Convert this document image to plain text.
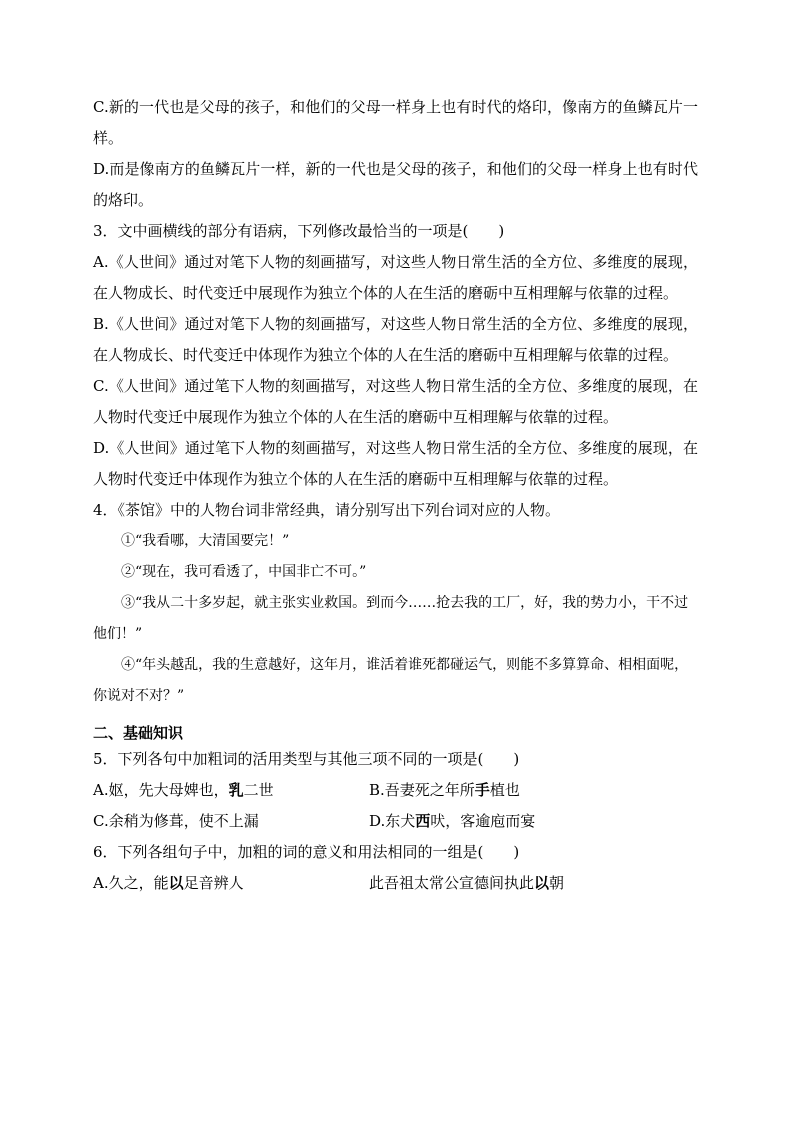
C.新的一代也是父母的孩子，和他们的父母一样身上也有时代的烙印，像南方的鱼鳞瓦片一样。

D.而是像南方的鱼鳞瓦片一样，新的一代也是父母的孩子，和他们的父母一样身上也有时代的烙印。

3．文中画横线的部分有语病，下列修改最恰当的一项是(　　)

A.《人世间》通过对笔下人物的刻画描写，对这些人物日常生活的全方位、多维度的展现，在人物成长、时代变迁中展现作为独立个体的人在生活的磨砺中互相理解与依靠的过程。

B.《人世间》通过对笔下人物的刻画描写，对这些人物日常生活的全方位、多维度的展现，在人物成长、时代变迁中体现作为独立个体的人在生活的磨砺中互相理解与依靠的过程。

C.《人世间》通过笔下人物的刻画描写，对这些人物日常生活的全方位、多维度的展现，在人物时代变迁中展现作为独立个体的人在生活的磨砺中互相理解与依靠的过程。

D.《人世间》通过笔下人物的刻画描写，对这些人物日常生活的全方位、多维度的展现，在人物时代变迁中体现作为独立个体的人在生活的磨砺中互相理解与依靠的过程。

4．《茶馆》中的人物台词非常经典，请分别写出下列台词对应的人物。

①“我看哪，大清国要完！”

②“现在，我可看透了，中国非亡不可。”

③“我从二十多岁起，就主张实业救国。到而今……抢去我的工厂，好，我的势力小，干不过他们！”

④“年头越乱，我的生意越好，这年月，谁活着谁死都碰运气，则能不多算算命、相相面呢，你说对不对？”

二、基础知识

5．下列各句中加粗词的活用类型与其他三项不同的一项是(　　)

A.妪，先大母婢也，乳二世	B.吾妻死之年所手植也
C.余稍为修葺，使不上漏	D.东犬西吠，客逾庖而宴

6．下列各组句子中，加粗的词的意义和用法相同的一组是(　　)

A.久之，能以足音辨人	此吾祖太常公宣德间执此以朝
